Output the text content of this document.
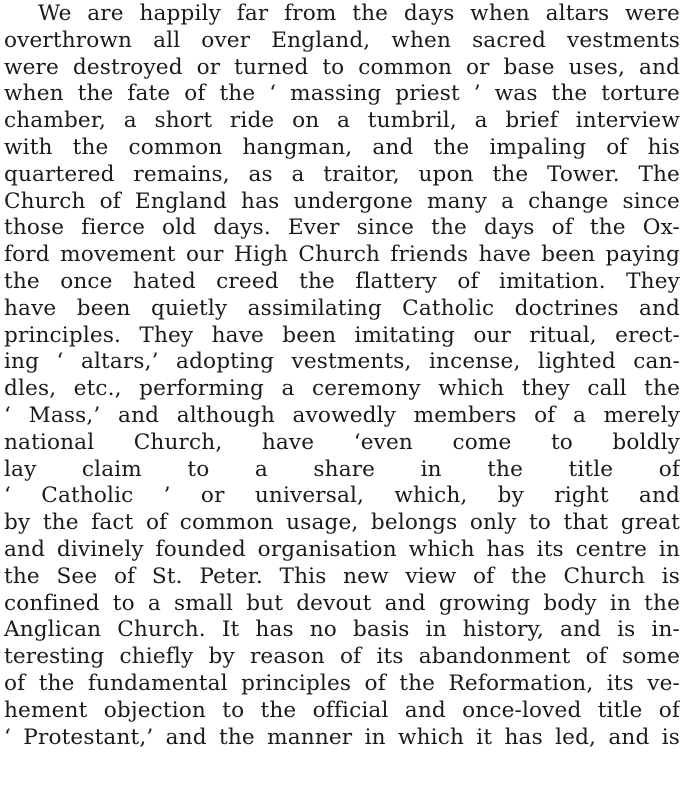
We are happily far from the days when altars were
overthrown all over England, when sacred vestments
were destroyed or turned to common or base uses, and
when the fate of the ‘ massing priest ’ was the torture
chamber, a short ride on a tumbril, a brief interview
with the common hangman, and the impaling of his
quartered remains, as a traitor, upon the Tower. The
Church of England has undergone many a change since
those fierce old days. Ever since the days of the Ox-
ford movement our High Church friends have been paying
the once hated creed the flattery of imitation. They
have been quietly assimilating Catholic doctrines and
principles. They have been imitating our ritual, erect-
ing ‘ altars,’ adopting vestments, incense, lighted can-
dles, etc., performing a ceremony which they call the
‘ Mass,’ and although avowedly members of a merely
national Church, have ‘even come to boldly
lay claim to a share in the title of
‘ Catholic ’ or universal, which, by right and
by the fact of common usage, belongs only to that great
and divinely founded organisation which has its centre in
the See of St. Peter. This new view of the Church is
confined to a small but devout and growing body in the
Anglican Church. It has no basis in history, and is in-
teresting chiefly by reason of its abandonment of some
of the fundamental principles of the Reformation, its ve-
hement objection to the official and once-loved title of
‘ Protestant,’ and the manner in which it has led, and is
